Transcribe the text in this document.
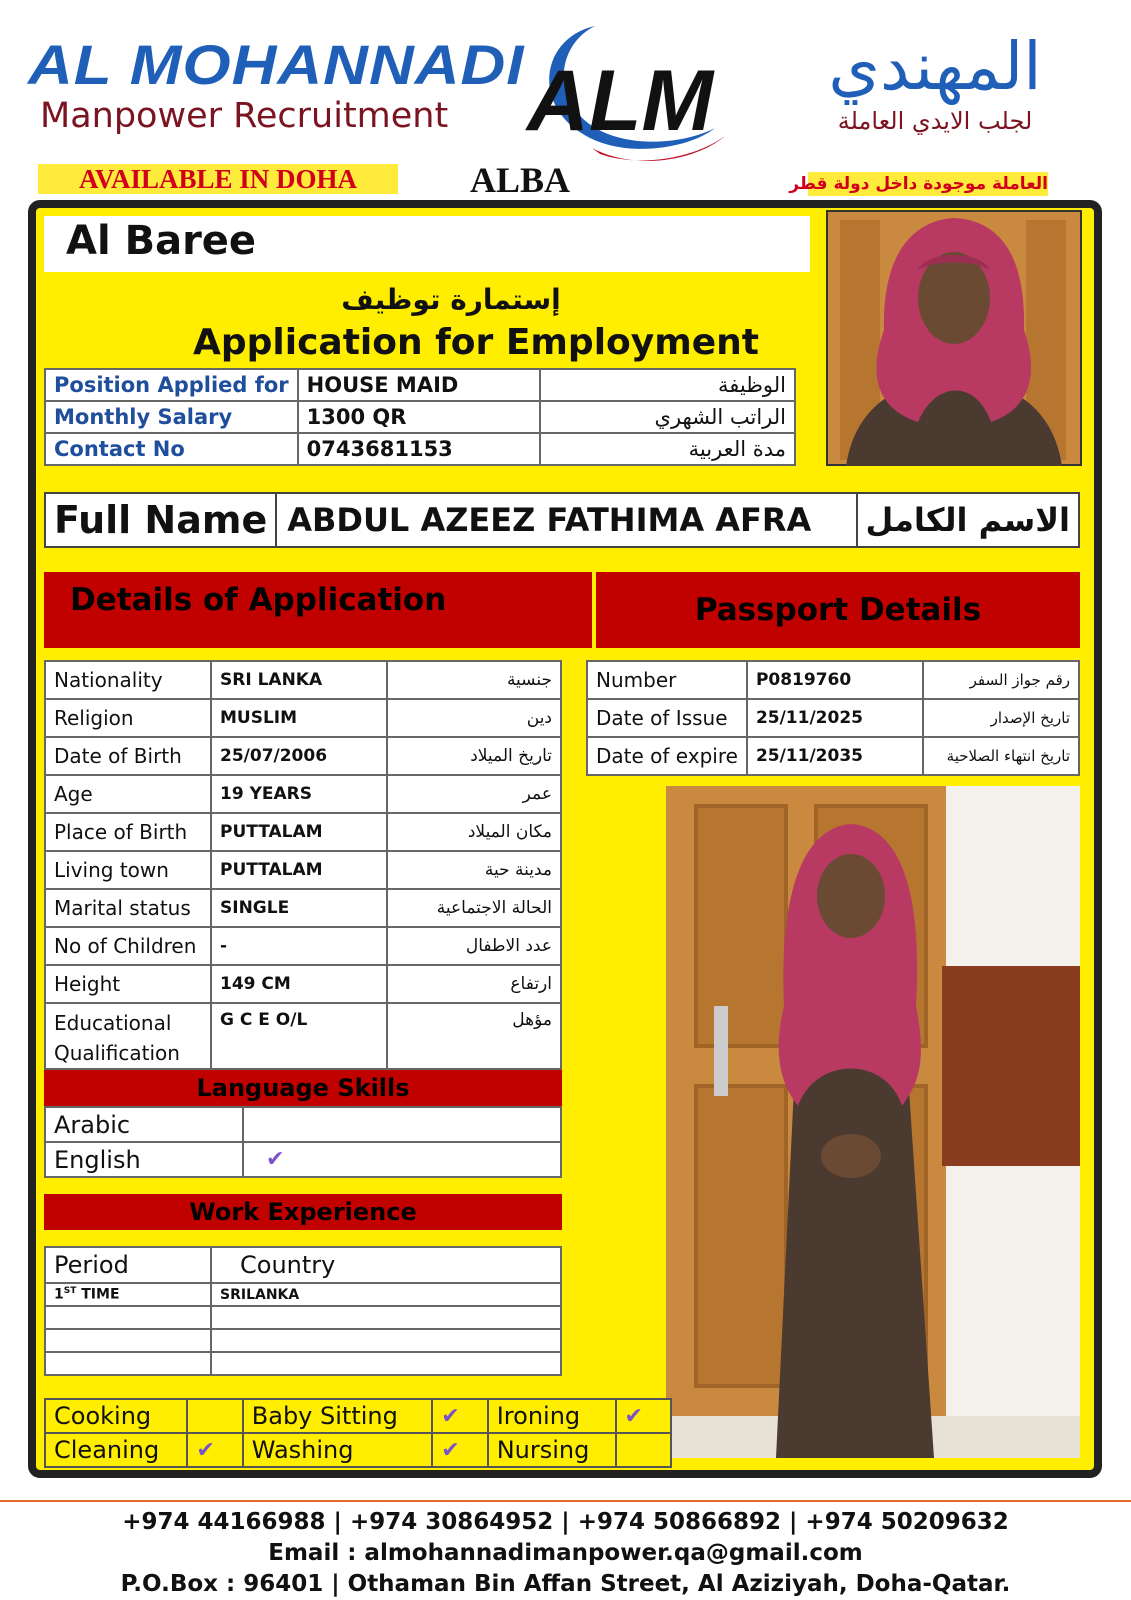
AL MOHANNADI
Manpower Recruitment ALM	المهندي
لجلب الايدي العاملة
AVAILABLE IN DOHA	ALBA	العاملة موجودة داخل دولة قطر
Al Baree
إستمارة توظيف
Application for Employment
Position Applied for	HOUSE MAID	الوظيفة
Monthly Salary	1300 QR	الراتب الشهري
Contact No	0743681153	مدة العربية
Full Name	ABDUL AZEEZ FATHIMA AFRA	الاسم الكامل
Details of Application	Passport Details
Nationality	SRI LANKA	جنسية
Religion	MUSLIM	دين
Date of Birth	25/07/2006	تاريخ الميلاد
Age	19 YEARS	عمر
Place of Birth	PUTTALAM	مكان الميلاد
Living town	PUTTALAM	مدينة حية
Marital status	SINGLE	الحالة الاجتماعية
No of Children	-	عدد الاطفال
Height	149 CM	ارتفاع
Educational Qualification	G C E O/L	مؤهل
Number	P0819760	رقم جواز السفر
Date of Issue	25/11/2025	تاريخ الإصدار
Date of expire	25/11/2035	تاريخ انتهاء الصلاحية
Language Skills
Arabic	
English	✔
Work Experience
Period	Country
1ST TIME	SRILANKA

Cooking		Baby Sitting	✔	Ironing	✔
Cleaning	✔	Washing	✔	Nursing	
+974 44166988 | +974 30864952 | +974 50866892 | +974 50209632
Email : almohannadimanpower.qa@gmail.com
P.O.Box : 96401 | Othaman Bin Affan Street, Al Aziziyah, Doha-Qatar.
